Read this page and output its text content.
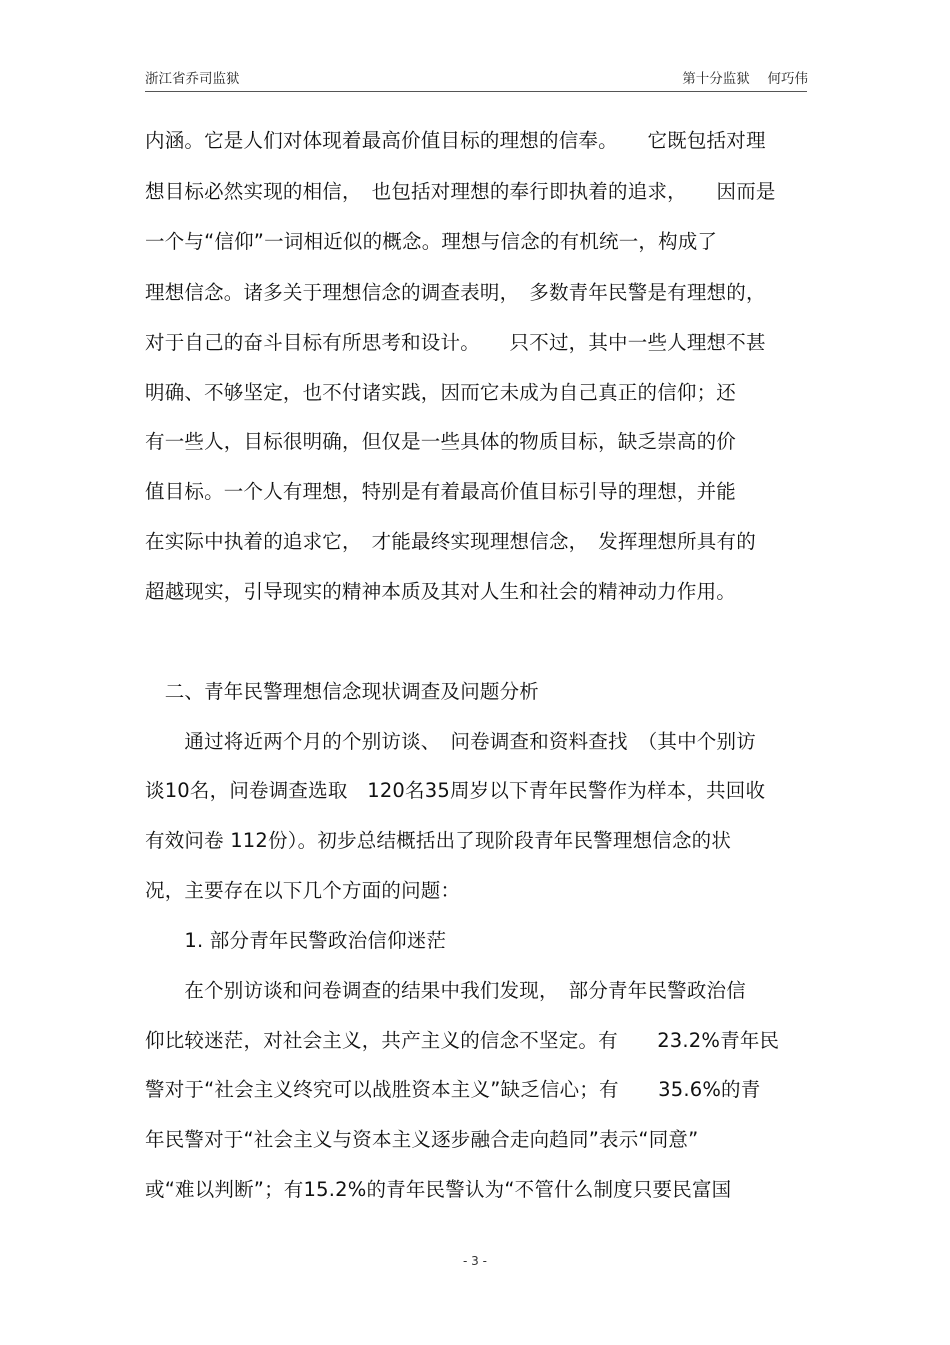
浙江省乔司监狱	第十分监狱　 何巧伟
内涵。它是人们对体现着最高价值目标的理想的信奉。　　它既包括对理
想目标必然实现的相信，　也包括对理想的奉行即执着的追求，　　因而是
一个与“信仰”一词相近似的概念。理想与信念的有机统一，构成了
理想信念。诸多关于理想信念的调查表明，　多数青年民警是有理想的，
对于自己的奋斗目标有所思考和设计。　　只不过，其中一些人理想不甚
明确、不够坚定，也不付诸实践，因而它未成为自己真正的信仰；还
有一些人，目标很明确，但仅是一些具体的物质目标，缺乏崇高的价
值目标。一个人有理想，特别是有着最高价值目标引导的理想，并能
在实际中执着的追求它，　才能最终实现理想信念，　发挥理想所具有的
超越现实，引导现实的精神本质及其对人生和社会的精神动力作用。
　二、青年民警理想信念现状调查及问题分析
　　通过将近两个月的个别访谈、　问卷调查和资料查找　（其中个别访
谈10名，问卷调查选取　120名35周岁以下青年民警作为样本，共回收
有效问卷 112份）。初步总结概括出了现阶段青年民警理想信念的状
况，主要存在以下几个方面的问题：
　　1. 部分青年民警政治信仰迷茫
　　在个别访谈和问卷调查的结果中我们发现，　部分青年民警政治信
仰比较迷茫，对社会主义，共产主义的信念不坚定。有　　23.2%青年民
警对于“社会主义终究可以战胜资本主义”缺乏信心；有　　35.6%的青
年民警对于“社会主义与资本主义逐步融合走向趋同”表示“同意”
或“难以判断”；有15.2%的青年民警认为“不管什么制度只要民富国
- 3 -
